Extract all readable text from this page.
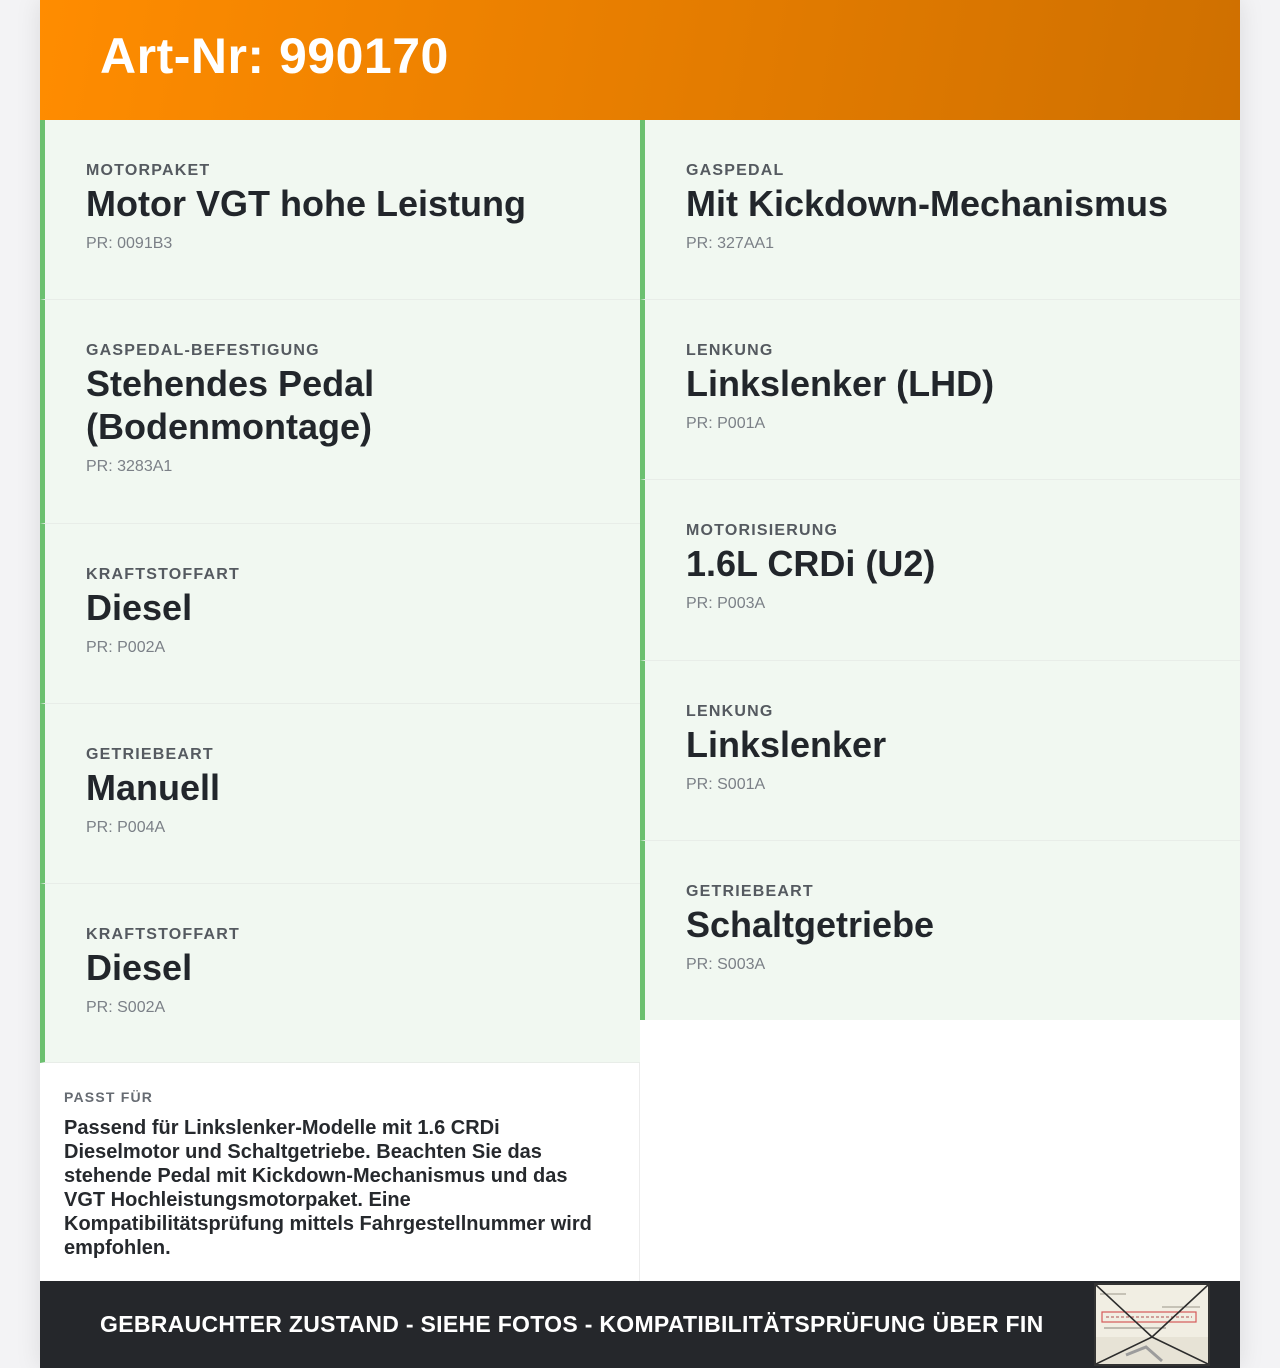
Art-Nr: 990170
MOTORPAKET
Motor VGT hohe Leistung
PR: 0091B3
GASPEDAL-BEFESTIGUNG
Stehendes Pedal (Bodenmontage)
PR: 3283A1
KRAFTSTOFFART
Diesel
PR: P002A
GETRIEBEART
Manuell
PR: P004A
KRAFTSTOFFART
Diesel
PR: S002A
GASPEDAL
Mit Kickdown-Mechanismus
PR: 327AA1
LENKUNG
Linkslenker (LHD)
PR: P001A
MOTORISIERUNG
1.6L CRDi (U2)
PR: P003A
LENKUNG
Linkslenker
PR: S001A
GETRIEBEART
Schaltgetriebe
PR: S003A
PASST FÜR
Passend für Linkslenker-Modelle mit 1.6 CRDi Dieselmotor und Schaltgetriebe. Beachten Sie das stehende Pedal mit Kickdown-Mechanismus und das VGT Hochleistungsmotorpaket. Eine Kompatibilitätsprüfung mittels Fahrgestellnummer wird empfohlen.
GEBRAUCHTER ZUSTAND - SIEHE FOTOS - KOMPATIBILITÄTSPRÜFUNG ÜBER FIN
